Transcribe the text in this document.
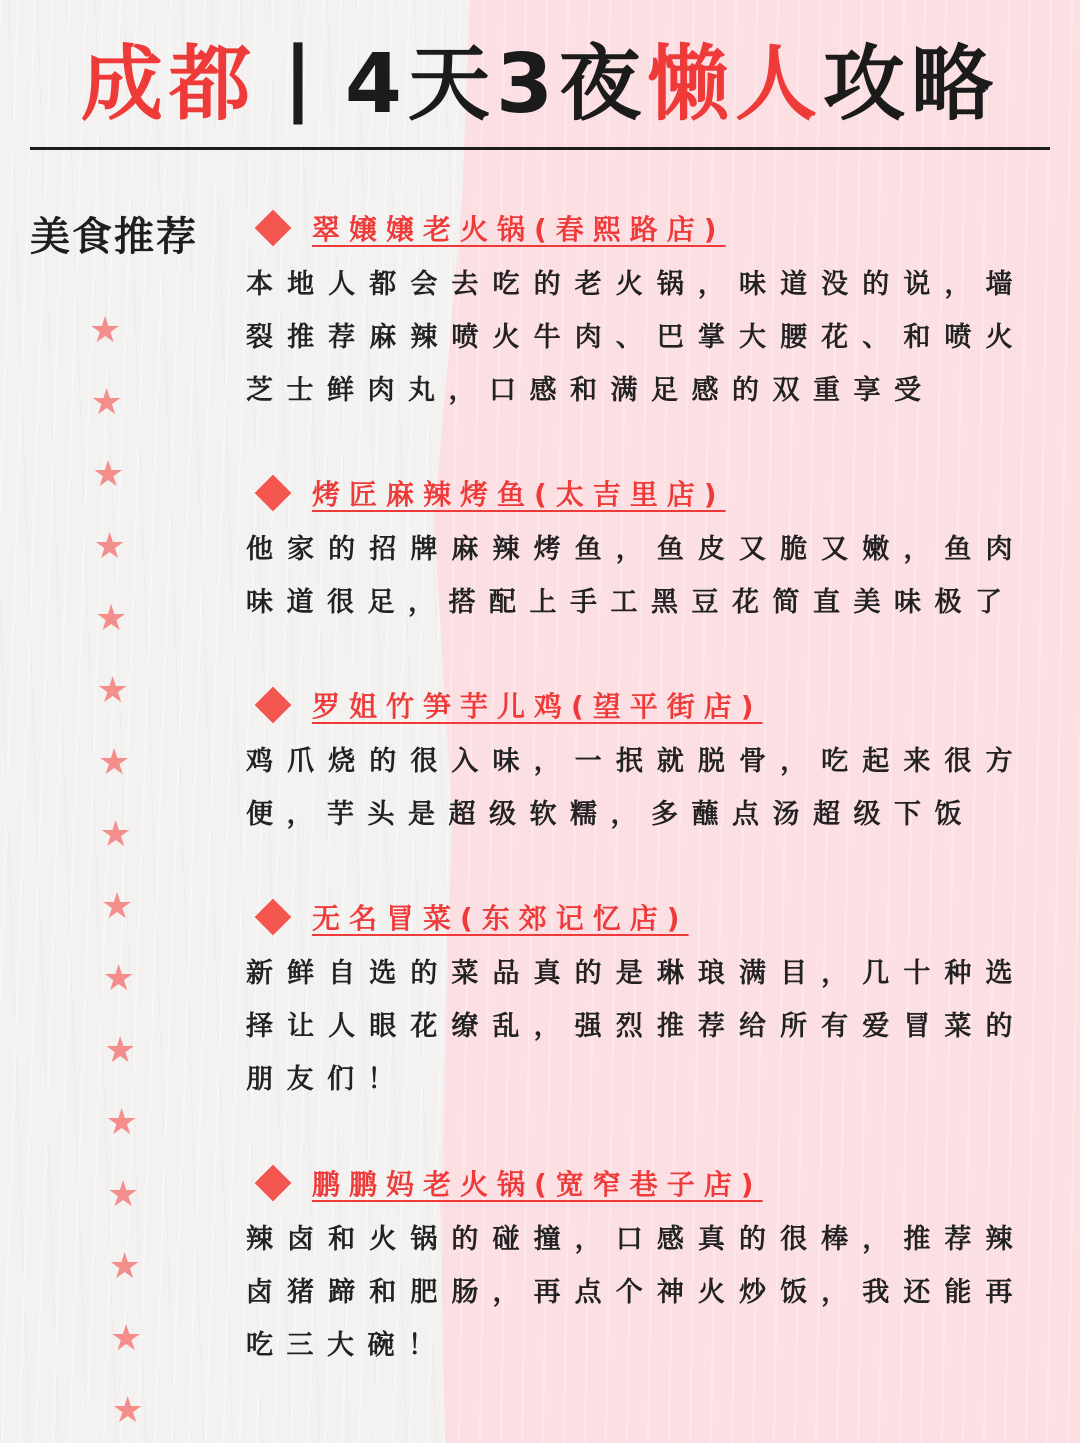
成都 | 4天3夜 懒人 攻略
美食推荐
★
★
★
★
★
★
★
★
★
★
★
★
★
★
★
★
翠嬢嬢老火锅(春熙路店)

本地人都会去吃的老火锅，味道没的说，墙裂推荐麻辣喷火牛肉、巴掌大腰花、和喷火芝士鲜肉丸，口感和满足感的双重享受

烤匠麻辣烤鱼(太吉里店)

他家的招牌麻辣烤鱼，鱼皮又脆又嫩，鱼肉味道很足，搭配上手工黑豆花简直美味极了

罗姐竹笋芋儿鸡(望平街店)

鸡爪烧的很入味，一抿就脱骨，吃起来很方便，芋头是超级软糯，多蘸点汤超级下饭

无名冒菜(东郊记忆店)

新鲜自选的菜品真的是琳琅满目，几十种选择让人眼花缭乱，强烈推荐给所有爱冒菜的朋友们！

鹏鹏妈老火锅(宽窄巷子店)

辣卤和火锅的碰撞，口感真的很棒，推荐辣卤猪蹄和肥肠，再点个神火炒饭，我还能再吃三大碗！
